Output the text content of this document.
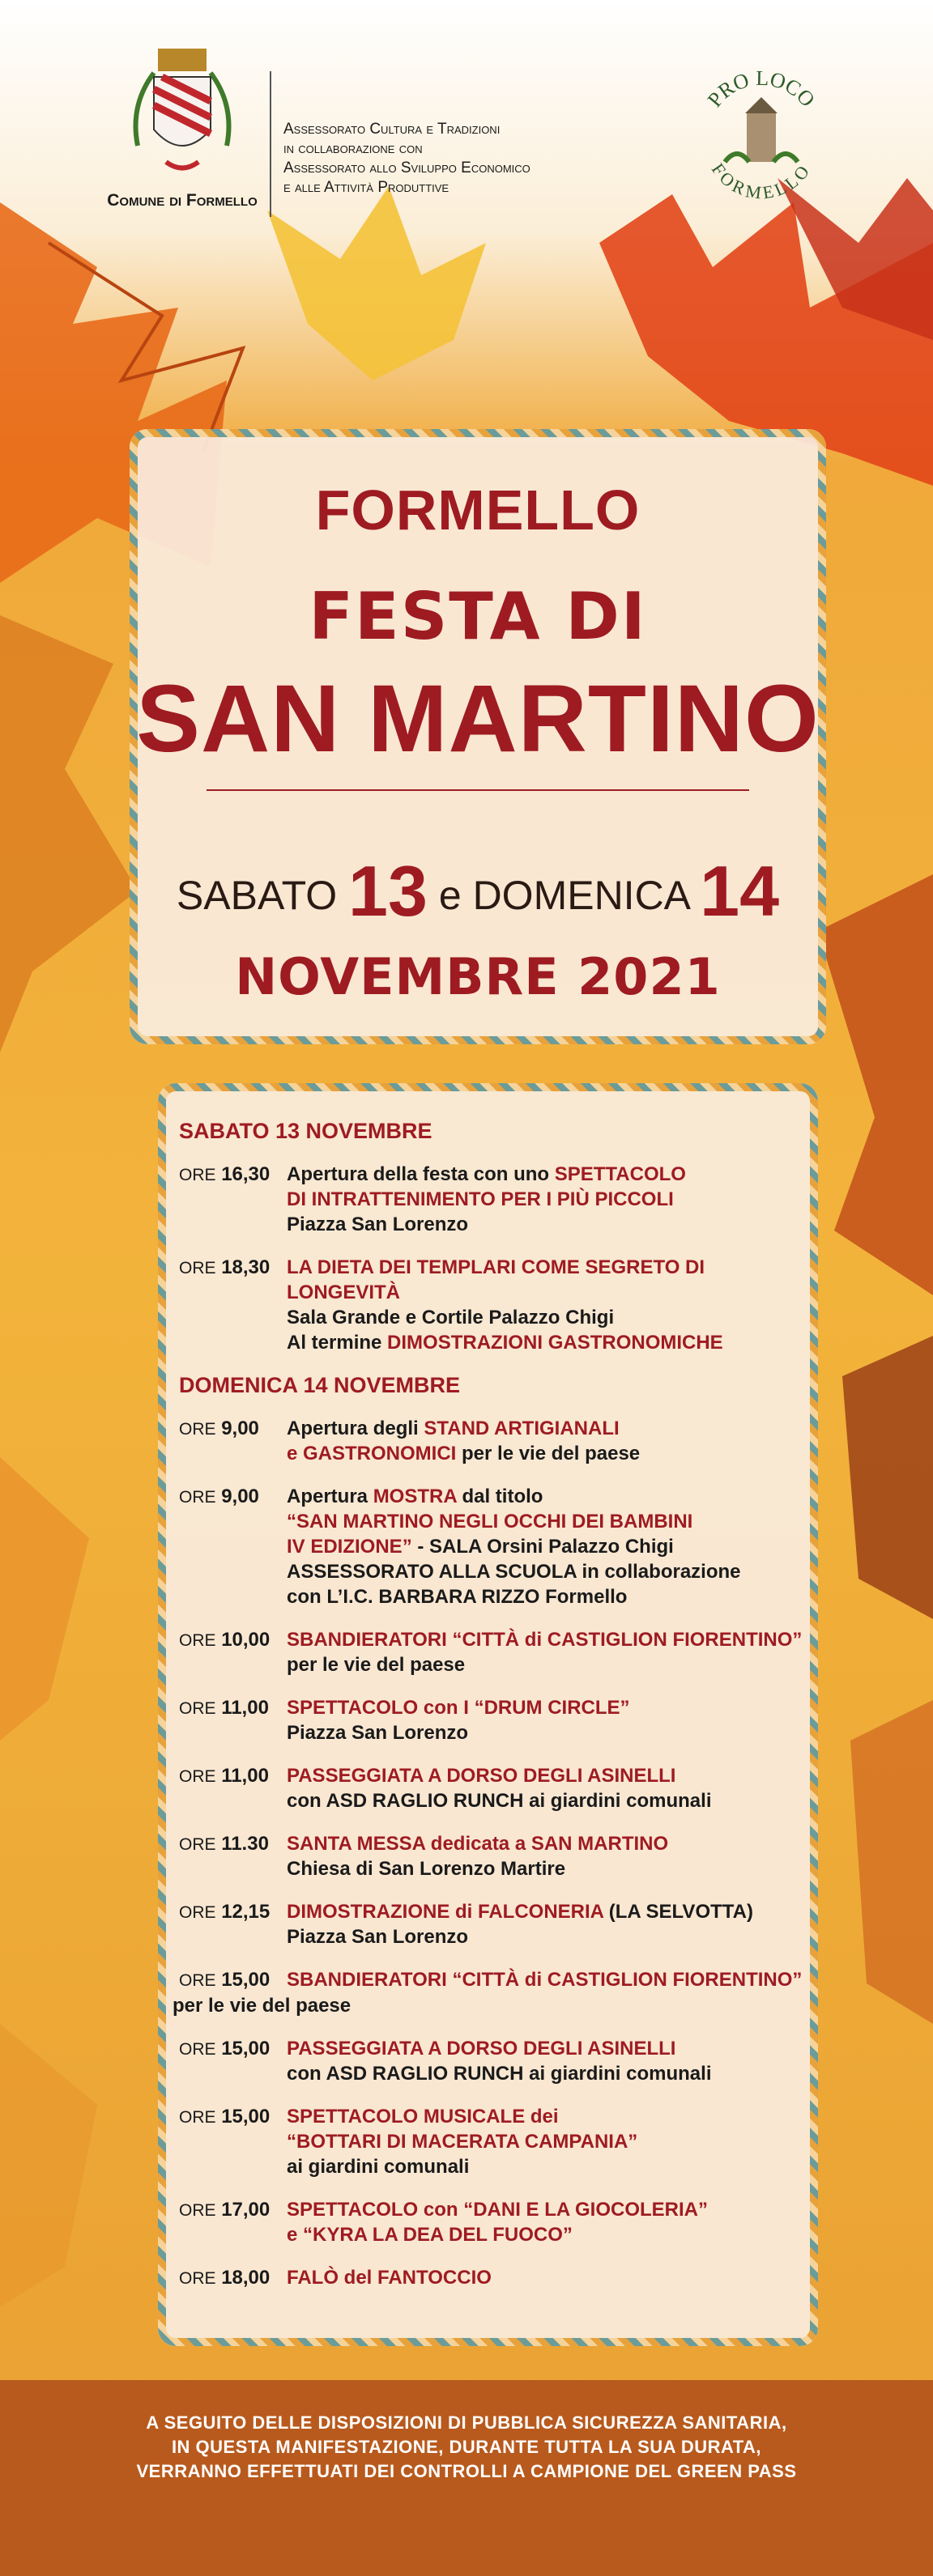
Comune di Formello
Assessorato Cultura e Tradizioni
in collaborazione con
Assessorato allo Sviluppo Economico
e alle Attività Produttive
PRO LOCO
FORMELLO
FORMELLO
FESTA DI
SAN MARTINO
SABATO 13 e DOMENICA 14
NOVEMBRE 2021
SABATO 13 NOVEMBRE
ORE 16,30 Apertura della festa con uno SPETTACOLO
DI INTRATTENIMENTO PER I PIÙ PICCOLI
Piazza San Lorenzo
ORE 18,30 LA DIETA DEI TEMPLARI COME SEGRETO DI LONGEVITÀ
Sala Grande e Cortile Palazzo Chigi
Al termine DIMOSTRAZIONI GASTRONOMICHE
DOMENICA 14 NOVEMBRE
ORE 9,00	Apertura degli STAND ARTIGIANALI
e GASTRONOMICI per le vie del paese
ORE 9,00	Apertura MOSTRA dal titolo
“SAN MARTINO NEGLI OCCHI DEI BAMBINI
IV EDIZIONE” - SALA Orsini Palazzo Chigi
ASSESSORATO ALLA SCUOLA in collaborazione
con L’I.C. BARBARA RIZZO Formello
ORE 10,00 SBANDIERATORI “CITTÀ di CASTIGLION FIORENTINO”
per le vie del paese
ORE 11,00 SPETTACOLO con I “DRUM CIRCLE”
Piazza San Lorenzo
ORE 11,00 PASSEGGIATA A DORSO DEGLI ASINELLI
con ASD RAGLIO RUNCH ai giardini comunali
ORE 11.30 SANTA MESSA dedicata a SAN MARTINO
Chiesa di San Lorenzo Martire
ORE 12,15 DIMOSTRAZIONE di FALCONERIA (LA SELVOTTA)
Piazza San Lorenzo
ORE 15,00 SBANDIERATORI “CITTÀ di CASTIGLION FIORENTINO”
per le vie del paese
ORE 15,00 PASSEGGIATA A DORSO DEGLI ASINELLI
con ASD RAGLIO RUNCH ai giardini comunali
ORE 15,00 SPETTACOLO MUSICALE dei
“BOTTARI DI MACERATA CAMPANIA”
ai giardini comunali
ORE 17,00 SPETTACOLO con “DANI E LA GIOCOLERIA”
e “KYRA LA DEA DEL FUOCO”
ORE 18,00 FALÒ del FANTOCCIO
A SEGUITO DELLE DISPOSIZIONI DI PUBBLICA SICUREZZA SANITARIA,
IN QUESTA MANIFESTAZIONE, DURANTE TUTTA LA SUA DURATA,
VERRANNO EFFETTUATI DEI CONTROLLI A CAMPIONE DEL GREEN PASS
